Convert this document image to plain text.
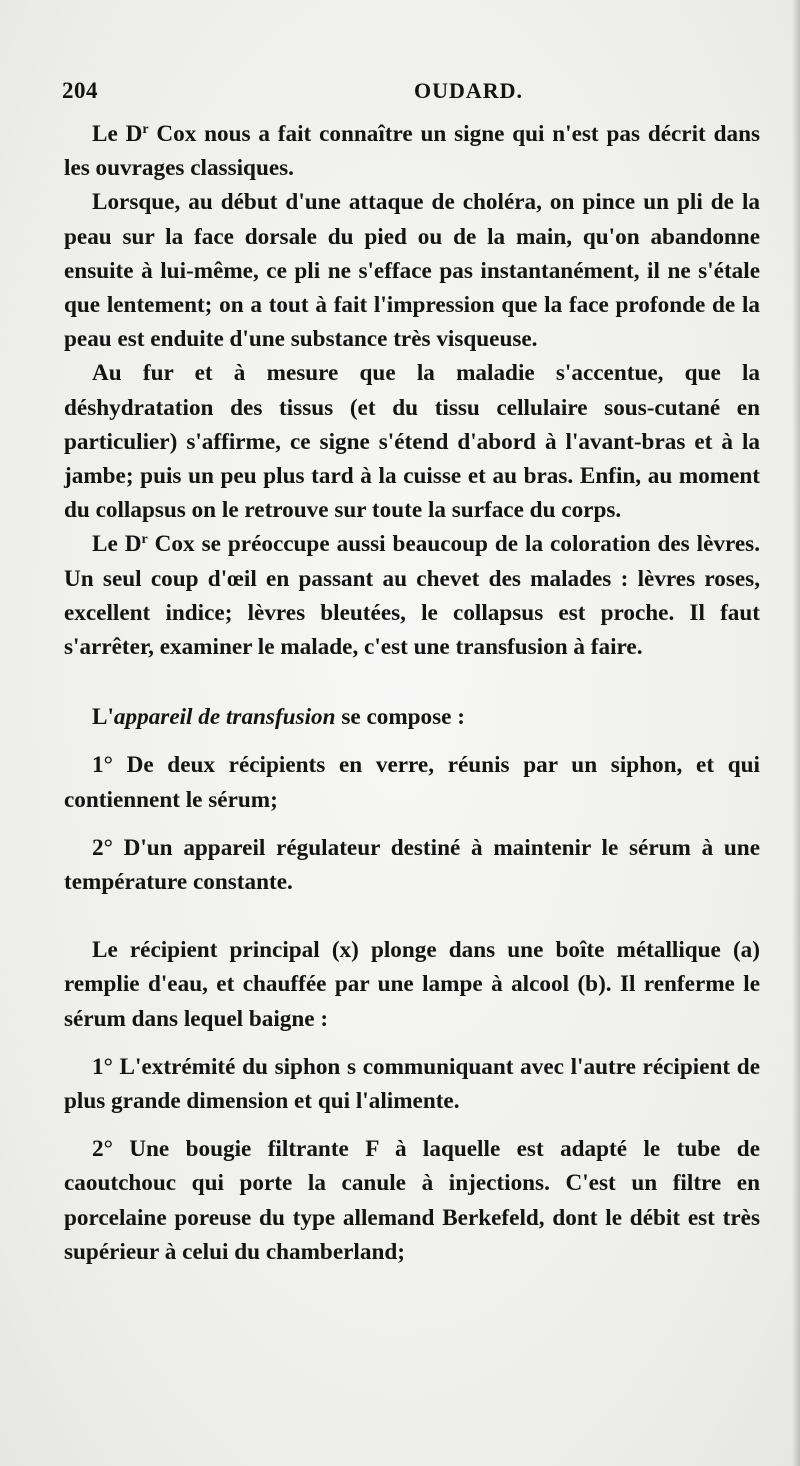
204	OUDARD.

Le $D^r$ Cox nous a fait connaître un signe qui n'est pas décrit dans les ouvrages classiques.

Lorsque, au début d'une attaque de choléra, on pince un pli de la peau sur la face dorsale du pied ou de la main, qu'on abandonne ensuite à lui-même, ce pli ne s'efface pas instantanément, il ne s'étale que lentement; on a tout à fait l'impression que la face profonde de la peau est enduite d'une substance très visqueuse.

Au fur et à mesure que la maladie s'accentue, que la déshydratation des tissus (et du tissu cellulaire sous-cutané en particulier) s'affirme, ce signe s'étend d'abord à l'avant-bras et à la jambe; puis un peu plus tard à la cuisse et au bras. Enfin, au moment du collapsus on le retrouve sur toute la surface du corps.

Le $D^r$ Cox se préoccupe aussi beaucoup de la coloration des lèvres. Un seul coup d'œil en passant au chevet des malades : lèvres roses, excellent indice; lèvres bleutées, le collapsus est proche. Il faut s'arrêter, examiner le malade, c'est une transfusion à faire.

L'appareil de transfusion se compose :

1° De deux récipients en verre, réunis par un siphon, et qui contiennent le sérum;

2° D'un appareil régulateur destiné à maintenir le sérum à une température constante.

Le récipient principal (x) plonge dans une boîte métallique (a) remplie d'eau, et chauffée par une lampe à alcool (b). Il renferme le sérum dans lequel baigne :

1° L'extrémité du siphon s communiquant avec l'autre récipient de plus grande dimension et qui l'alimente.

2° Une bougie filtrante F à laquelle est adapté le tube de caoutchouc qui porte la canule à injections. C'est un filtre en porcelaine poreuse du type allemand Berkefeld, dont le débit est très supérieur à celui du chamberland;
